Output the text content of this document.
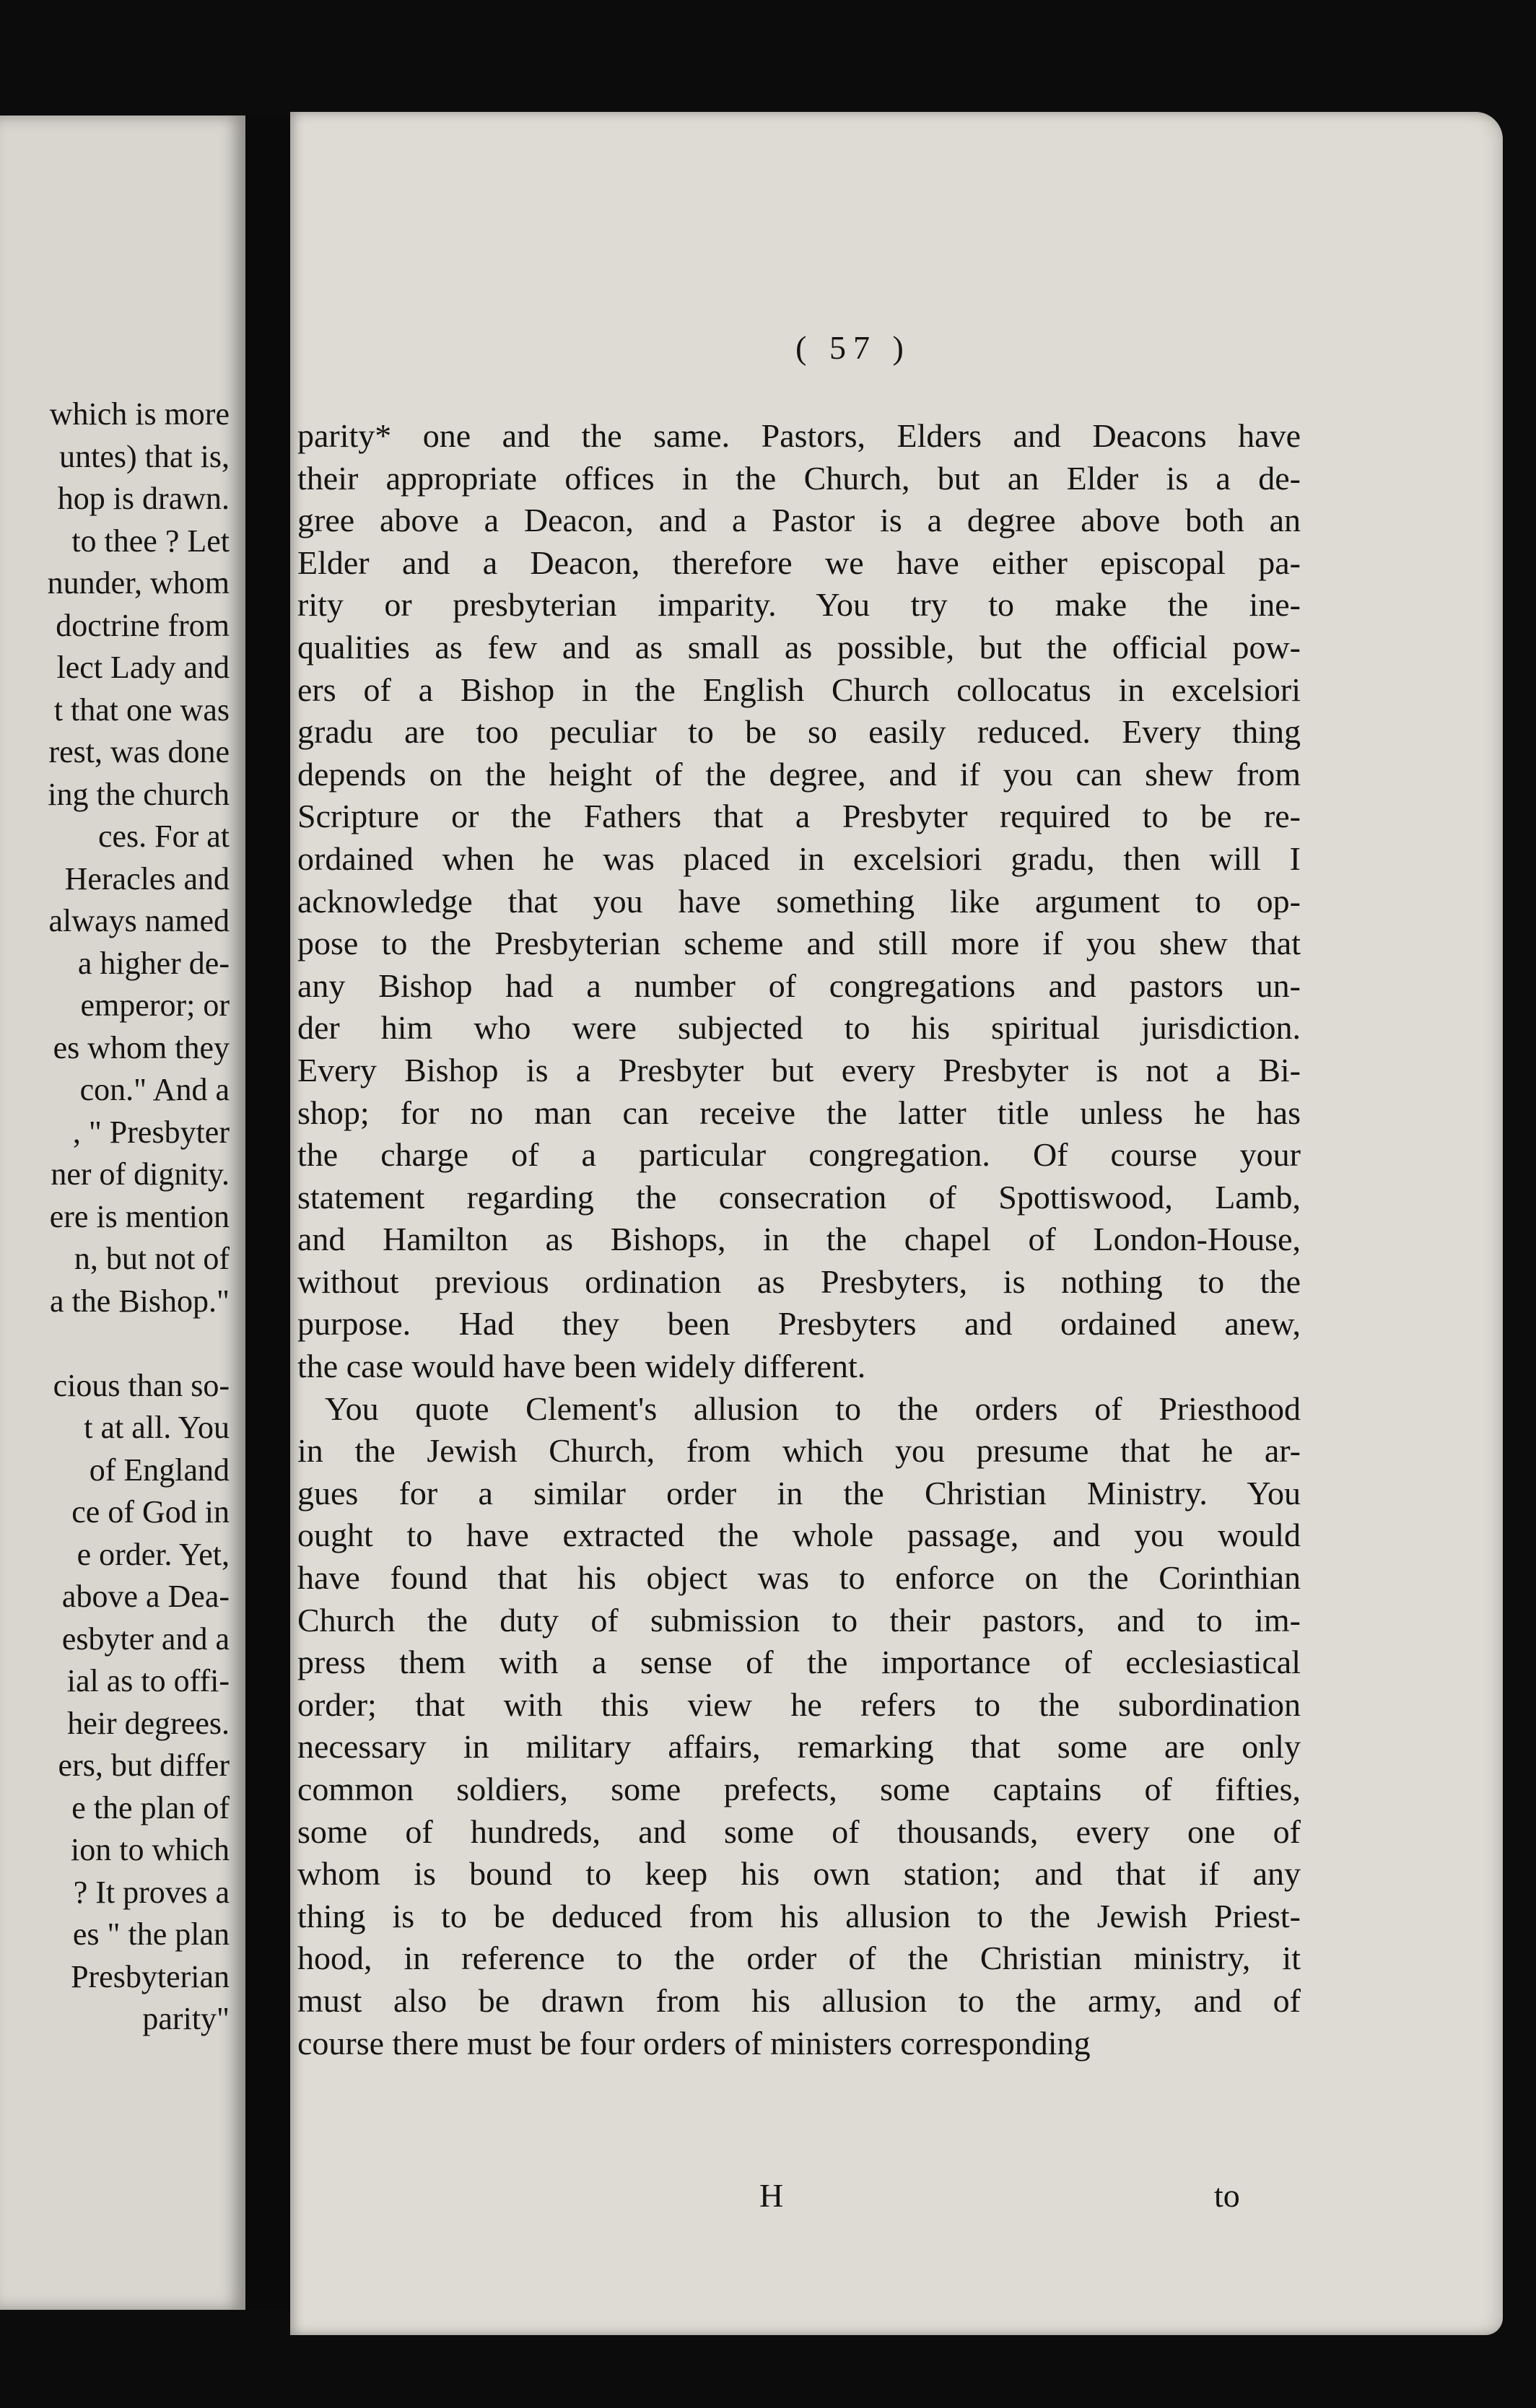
which is more
untes) that is,
hop is drawn.
to thee ? Let
nunder, whom
doctrine from
lect Lady and
t that one was
rest, was done
ing the church
ces. For at
Heracles and
always named
a higher de-
emperor; or
es whom they
con." And a
, " Presbyter
ner of dignity.
ere is mention
n, but not of
a the Bishop."

cious than so-
t at all. You
of England
ce of God in
e order. Yet,
above a Dea-
esbyter and a
ial as to offi-
heir degrees.
ers, but differ
e the plan of
ion to which
? It proves a
es " the plan
Presbyterian
parity"
( 57 )
parity* one and the same. Pastors, Elders and Deacons have
their appropriate offices in the Church, but an Elder is a de-
gree above a Deacon, and a Pastor is a degree above both an
Elder and a Deacon, therefore we have either episcopal pa-
rity or presbyterian imparity. You try to make the ine-
qualities as few and as small as possible, but the official pow-
ers of a Bishop in the English Church collocatus in excelsiori
gradu are too peculiar to be so easily reduced. Every thing
depends on the height of the degree, and if you can shew from
Scripture or the Fathers that a Presbyter required to be re-
ordained when he was placed in excelsiori gradu, then will I
acknowledge that you have something like argument to op-
pose to the Presbyterian scheme and still more if you shew that
any Bishop had a number of congregations and pastors un-
der him who were subjected to his spiritual jurisdiction.
Every Bishop is a Presbyter but every Presbyter is not a Bi-
shop; for no man can receive the latter title unless he has
the charge of a particular congregation. Of course your
statement regarding the consecration of Spottiswood, Lamb,
and Hamilton as Bishops, in the chapel of London-House,
without previous ordination as Presbyters, is nothing to the
purpose. Had they been Presbyters and ordained anew,
the case would have been widely different.
You quote Clement's allusion to the orders of Priesthood
in the Jewish Church, from which you presume that he ar-
gues for a similar order in the Christian Ministry. You
ought to have extracted the whole passage, and you would
have found that his object was to enforce on the Corinthian
Church the duty of submission to their pastors, and to im-
press them with a sense of the importance of ecclesiastical
order; that with this view he refers to the subordination
necessary in military affairs, remarking that some are only
common soldiers, some prefects, some captains of fifties,
some of hundreds, and some of thousands, every one of
whom is bound to keep his own station; and that if any
thing is to be deduced from his allusion to the Jewish Priest-
hood, in reference to the order of the Christian ministry, it
must also be drawn from his allusion to the army, and of
course there must be four orders of ministers corresponding
H	to
